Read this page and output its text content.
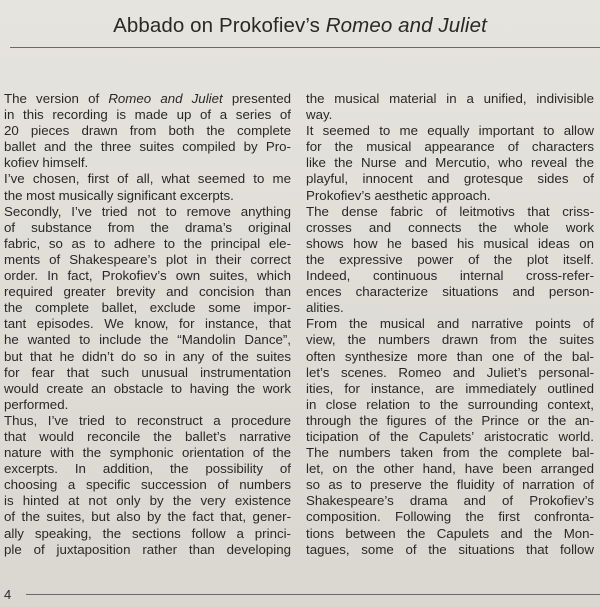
Abbado on Prokofiev’s Romeo and Juliet
The version of Romeo and Juliet presented
in this recording is made up of a series of
20 pieces drawn from both the complete
ballet and the three suites compiled by Pro-
kofiev himself.
I’ve chosen, first of all, what seemed to me
the most musically significant excerpts.
Secondly, I’ve tried not to remove anything
of substance from the drama’s original
fabric, so as to adhere to the principal ele-
ments of Shakespeare’s plot in their correct
order. In fact, Prokofiev’s own suites, which
required greater brevity and concision than
the complete ballet, exclude some impor-
tant episodes. We know, for instance, that
he wanted to include the “Mandolin Dance”,
but that he didn’t do so in any of the suites
for fear that such unusual instrumentation
would create an obstacle to having the work
performed.
Thus, I’ve tried to reconstruct a procedure
that would reconcile the ballet’s narrative
nature with the symphonic orientation of the
excerpts. In addition, the possibility of
choosing a specific succession of numbers
is hinted at not only by the very existence
of the suites, but also by the fact that, gener-
ally speaking, the sections follow a princi-
ple of juxtaposition rather than developing
the musical material in a unified, indivisible
way.
It seemed to me equally important to allow
for the musical appearance of characters
like the Nurse and Mercutio, who reveal the
playful, innocent and grotesque sides of
Prokofiev’s aesthetic approach.
The dense fabric of leitmotivs that criss-
crosses and connects the whole work
shows how he based his musical ideas on
the expressive power of the plot itself.
Indeed, continuous internal cross-refer-
ences characterize situations and person-
alities.
From the musical and narrative points of
view, the numbers drawn from the suites
often synthesize more than one of the bal-
let’s scenes. Romeo and Juliet’s personal-
ities, for instance, are immediately outlined
in close relation to the surrounding context,
through the figures of the Prince or the an-
ticipation of the Capulets’ aristocratic world.
The numbers taken from the complete bal-
let, on the other hand, have been arranged
so as to preserve the fluidity of narration of
Shakespeare’s drama and of Prokofiev’s
composition. Following the first confronta-
tions between the Capulets and the Mon-
tagues, some of the situations that follow
4
